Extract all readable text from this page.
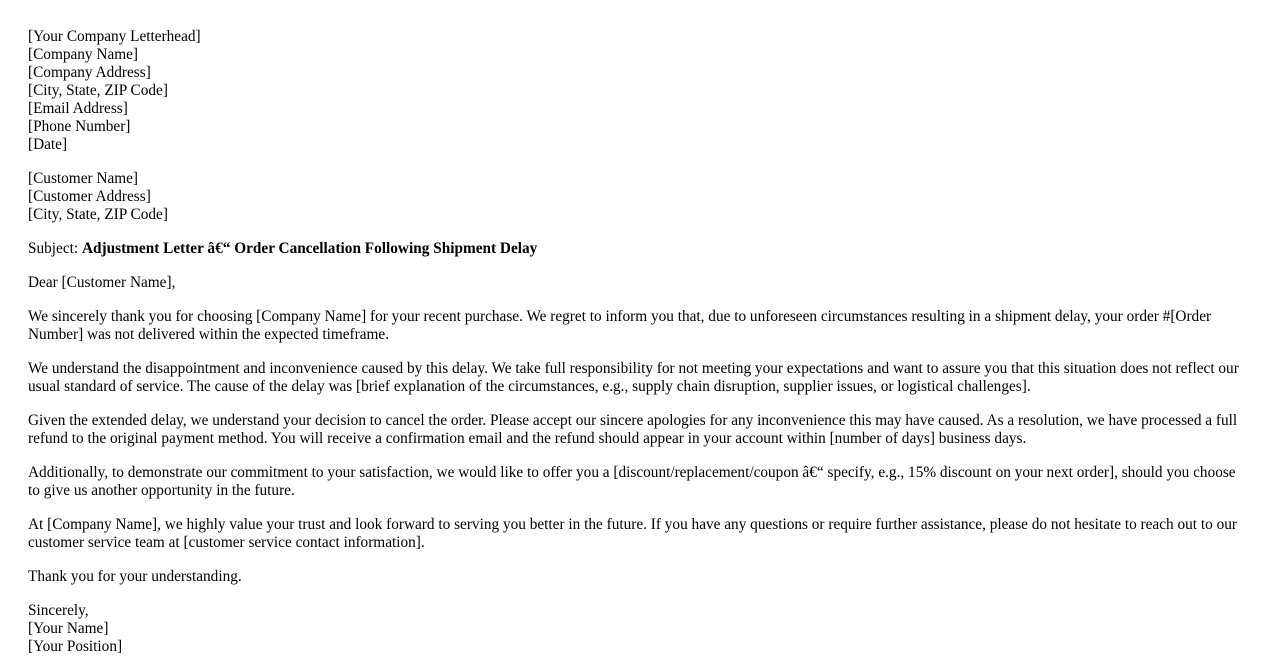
[Your Company Letterhead]
[Company Name]
[Company Address]
[City, State, ZIP Code]
[Email Address]
[Phone Number]
[Date]
[Customer Name]
[Customer Address]
[City, State, ZIP Code]

Subject: Adjustment Letter â€“ Order Cancellation Following Shipment Delay

Dear [Customer Name],

We sincerely thank you for choosing [Company Name] for your recent purchase. We regret to inform you that, due to unforeseen circumstances resulting in a shipment delay, your order #[Order Number] was not delivered within the expected timeframe.

We understand the disappointment and inconvenience caused by this delay. We take full responsibility for not meeting your expectations and want to assure you that this situation does not reflect our usual standard of service. The cause of the delay was [brief explanation of the circumstances, e.g., supply chain disruption, supplier issues, or logistical challenges].

Given the extended delay, we understand your decision to cancel the order. Please accept our sincere apologies for any inconvenience this may have caused. As a resolution, we have processed a full refund to the original payment method. You will receive a confirmation email and the refund should appear in your account within [number of days] business days.

Additionally, to demonstrate our commitment to your satisfaction, we would like to offer you a [discount/replacement/coupon â€“ specify, e.g., 15% discount on your next order], should you choose to give us another opportunity in the future.

At [Company Name], we highly value your trust and look forward to serving you better in the future. If you have any questions or require further assistance, please do not hesitate to reach out to our customer service team at [customer service contact information].

Thank you for your understanding.

Sincerely,
[Your Name]
[Your Position]
